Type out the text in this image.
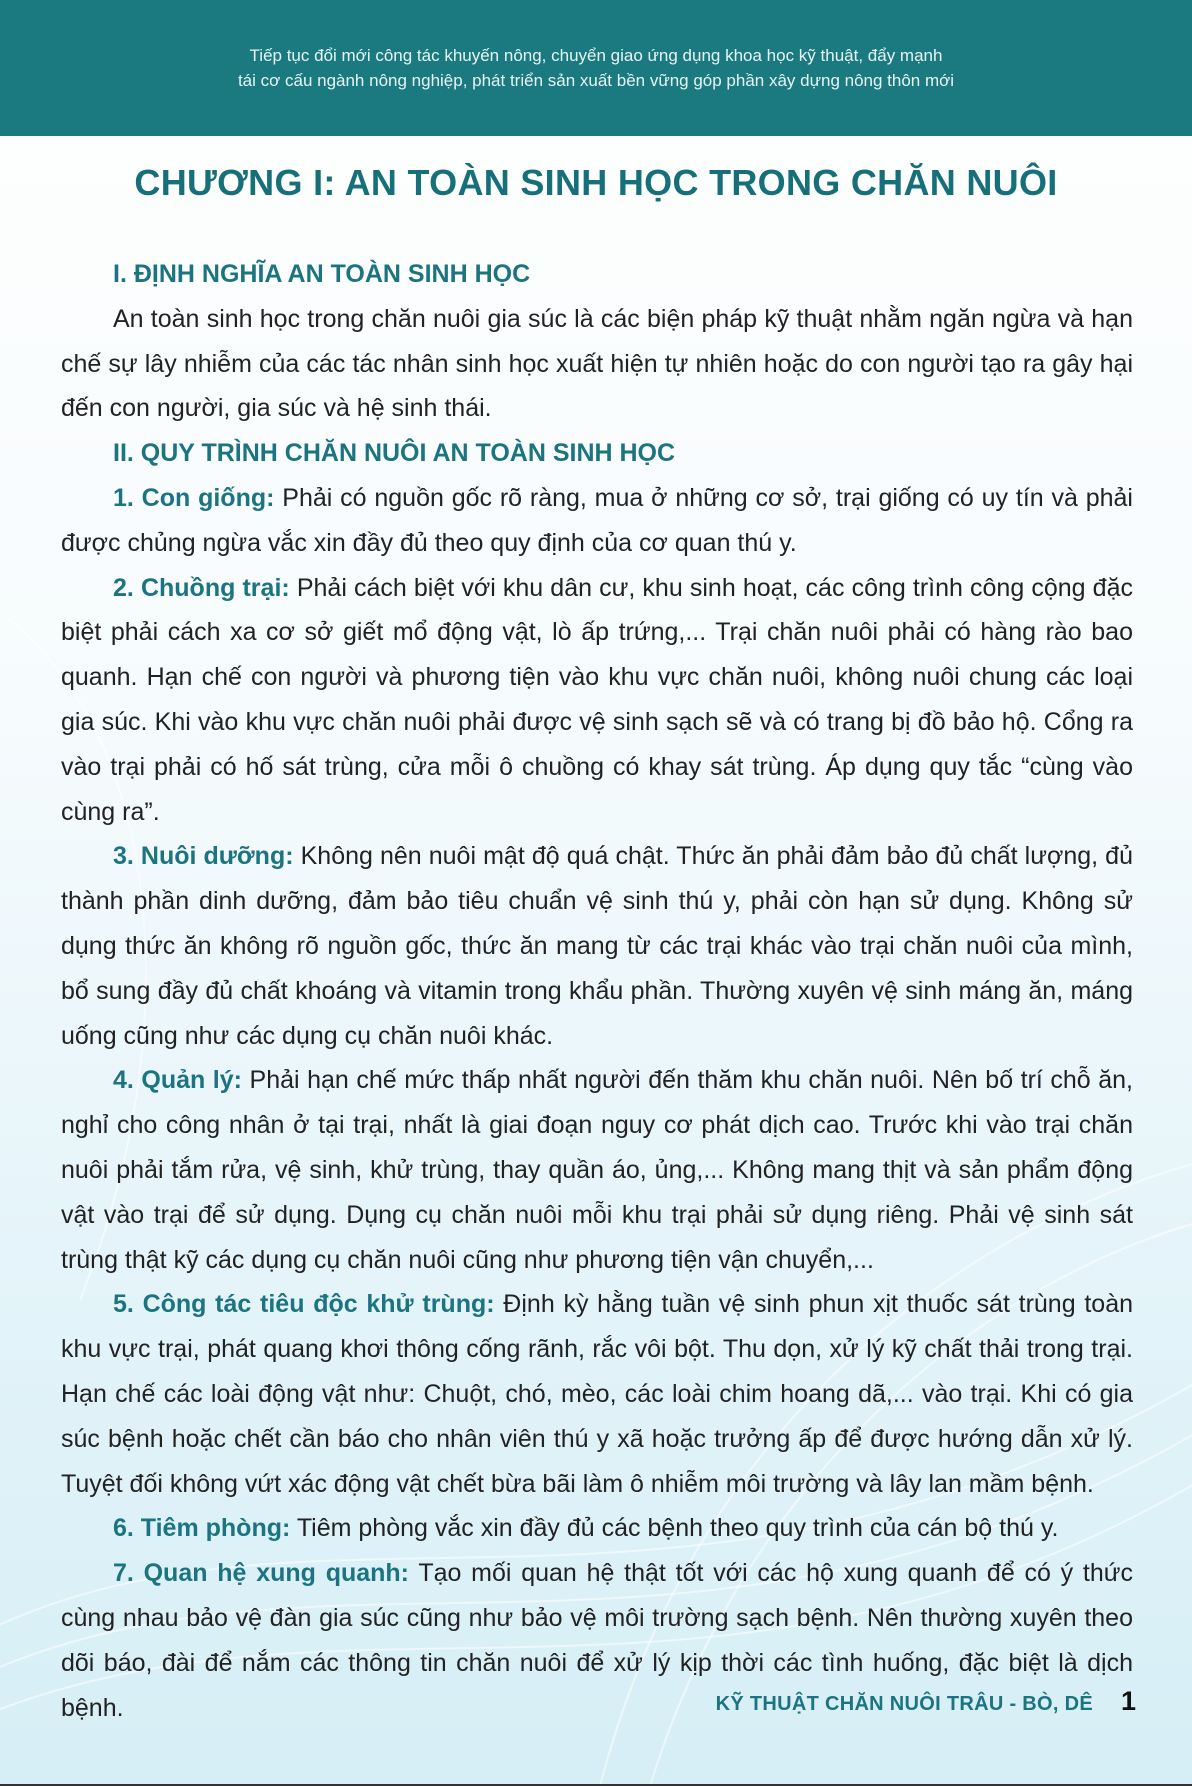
Tiếp tục đổi mới công tác khuyến nông, chuyển giao ứng dụng khoa học kỹ thuật, đẩy mạnh
tái cơ cấu ngành nông nghiệp, phát triển sản xuất bền vững góp phần xây dựng nông thôn mới
CHƯƠNG I: AN TOÀN SINH HỌC TRONG CHĂN NUÔI

I. ĐỊNH NGHĨA AN TOÀN SINH HỌC

An toàn sinh học trong chăn nuôi gia súc là các biện pháp kỹ thuật nhằm ngăn ngừa và hạn chế sự lây nhiễm của các tác nhân sinh học xuất hiện tự nhiên hoặc do con người tạo ra gây hại đến con người, gia súc và hệ sinh thái.

II. QUY TRÌNH CHĂN NUÔI AN TOÀN SINH HỌC

1. Con giống: Phải có nguồn gốc rõ ràng, mua ở những cơ sở, trại giống có uy tín và phải được chủng ngừa vắc xin đầy đủ theo quy định của cơ quan thú y.

2. Chuồng trại: Phải cách biệt với khu dân cư, khu sinh hoạt, các công trình công cộng đặc biệt phải cách xa cơ sở giết mổ động vật, lò ấp trứng,... Trại chăn nuôi phải có hàng rào bao quanh. Hạn chế con người và phương tiện vào khu vực chăn nuôi, không nuôi chung các loại gia súc. Khi vào khu vực chăn nuôi phải được vệ sinh sạch sẽ và có trang bị đồ bảo hộ. Cổng ra vào trại phải có hố sát trùng, cửa mỗi ô chuồng có khay sát trùng. Áp dụng quy tắc “cùng vào cùng ra”.

3. Nuôi dưỡng: Không nên nuôi mật độ quá chật. Thức ăn phải đảm bảo đủ chất lượng, đủ thành phần dinh dưỡng, đảm bảo tiêu chuẩn vệ sinh thú y, phải còn hạn sử dụng. Không sử dụng thức ăn không rõ nguồn gốc, thức ăn mang từ các trại khác vào trại chăn nuôi của mình, bổ sung đầy đủ chất khoáng và vitamin trong khẩu phần. Thường xuyên vệ sinh máng ăn, máng uống cũng như các dụng cụ chăn nuôi khác.

4. Quản lý: Phải hạn chế mức thấp nhất người đến thăm khu chăn nuôi. Nên bố trí chỗ ăn, nghỉ cho công nhân ở tại trại, nhất là giai đoạn nguy cơ phát dịch cao. Trước khi vào trại chăn nuôi phải tắm rửa, vệ sinh, khử trùng, thay quần áo, ủng,... Không mang thịt và sản phẩm động vật vào trại để sử dụng. Dụng cụ chăn nuôi mỗi khu trại phải sử dụng riêng. Phải vệ sinh sát trùng thật kỹ các dụng cụ chăn nuôi cũng như phương tiện vận chuyển,...

5. Công tác tiêu độc khử trùng: Định kỳ hằng tuần vệ sinh phun xịt thuốc sát trùng toàn khu vực trại, phát quang khơi thông cống rãnh, rắc vôi bột. Thu dọn, xử lý kỹ chất thải trong trại. Hạn chế các loài động vật như: Chuột, chó, mèo, các loài chim hoang dã,... vào trại. Khi có gia súc bệnh hoặc chết cần báo cho nhân viên thú y xã hoặc trưởng ấp để được hướng dẫn xử lý. Tuyệt đối không vứt xác động vật chết bừa bãi làm ô nhiễm môi trường và lây lan mầm bệnh.

6. Tiêm phòng: Tiêm phòng vắc xin đầy đủ các bệnh theo quy trình của cán bộ thú y.

7. Quan hệ xung quanh: Tạo mối quan hệ thật tốt với các hộ xung quanh để có ý thức cùng nhau bảo vệ đàn gia súc cũng như bảo vệ môi trường sạch bệnh. Nên thường xuyên theo dõi báo, đài để nắm các thông tin chăn nuôi để xử lý kịp thời các tình huống, đặc biệt là dịch bệnh.	KỸ THUẬT CHĂN NUÔI TRÂU - BÒ, DÊ 1
